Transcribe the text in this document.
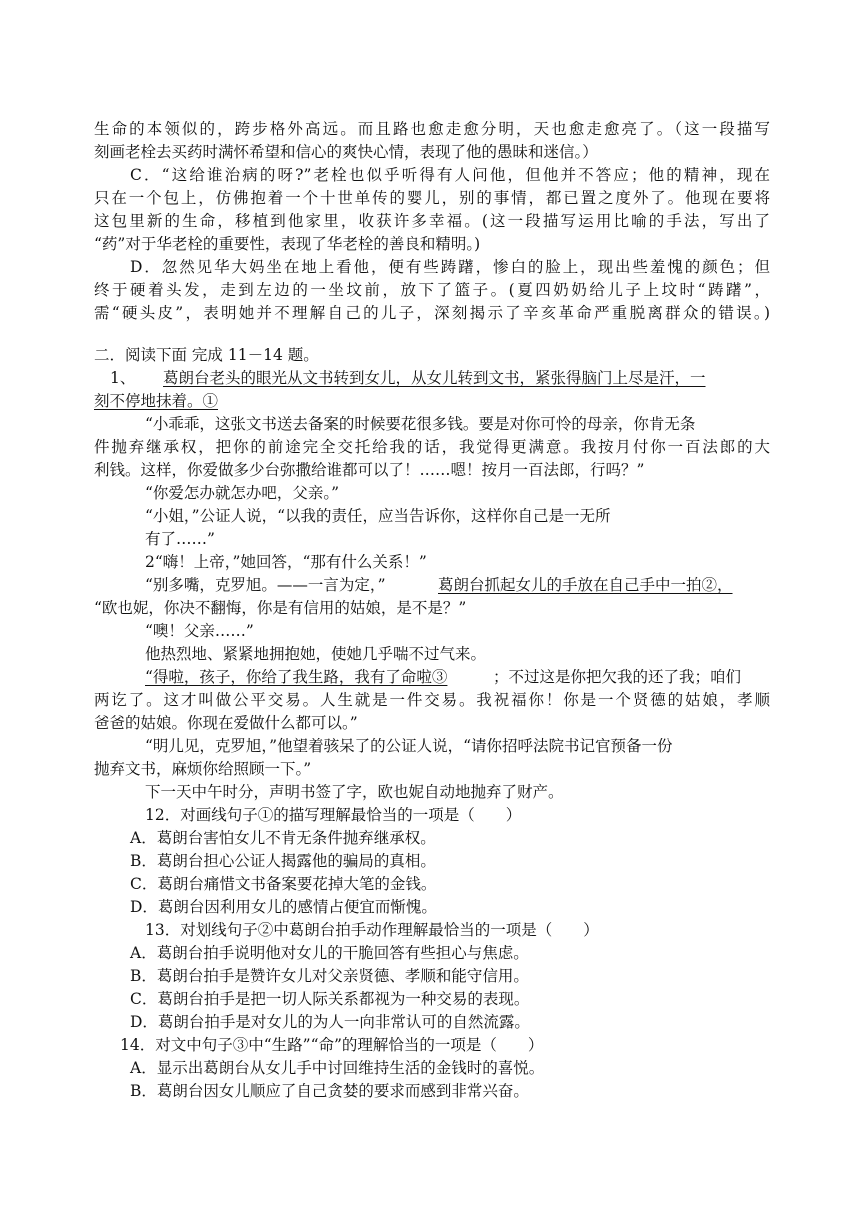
生命的本领似的，跨步格外高远。而且路也愈走愈分明，天也愈走愈亮了。（这一段描写
刻画老栓去买药时满怀希望和信心的爽快心情，表现了他的愚昧和迷信。）
C．“这给谁治病的呀?”老栓也似乎听得有人问他，但他并不答应；他的精神，现在
只在一个包上，仿佛抱着一个十世单传的婴儿，别的事情，都已置之度外了。他现在要将
这包里新的生命，移植到他家里，收获许多幸福。(这一段描写运用比喻的手法，写出了
“药”对于华老栓的重要性，表现了华老栓的善良和精明。)
D．忽然见华大妈坐在地上看他，便有些踌躇，惨白的脸上，现出些羞愧的颜色；但
终于硬着头发，走到左边的一坐坟前，放下了篮子。(夏四奶奶给儿子上坟时“踌躇”，
需“硬头皮”，表明她并不理解自己的儿子，深刻揭示了辛亥革命严重脱离群众的错误。)
二．阅读下面 完成 11－14 题。
1、 葛朗台老头的眼光从文书转到女儿，从女儿转到文书，紧张得脑门上尽是汗，一
刻不停地抹着。①
“小乖乖，这张文书送去备案的时候要花很多钱。要是对你可怜的母亲，你肯无条
件抛弃继承权，把你的前途完全交托给我的话，我觉得更满意。我按月付你一百法郎的大
利钱。这样，你爱做多少台弥撒给谁都可以了！……嗯！按月一百法郎，行吗？”
“你爱怎办就怎办吧，父亲。”
“小姐，”公证人说，“以我的责任，应当告诉你，这样你自己是一无所
有了……”
2“嗨！上帝，”她回答，“那有什么关系！”
“别多嘴，克罗旭。——一言为定，”	葛朗台抓起女儿的手放在自己手中一拍②，
“欧也妮，你决不翻悔，你是有信用的姑娘，是不是？”
“噢！父亲……”
他热烈地、紧紧地拥抱她，使她几乎喘不过气来。
“得啦，孩子，你给了我生路，我有了命啦③	；不过这是你把欠我的还了我；咱们
两讫了。这才叫做公平交易。人生就是一件交易。我祝福你！你是一个贤德的姑娘，孝顺
爸爸的姑娘。你现在爱做什么都可以。”
“明儿见，克罗旭，”他望着骇呆了的公证人说，“请你招呼法院书记官预备一份
抛弃文书，麻烦你给照顾一下。”
下一天中午时分，声明书签了字，欧也妮自动地抛弃了财产。
12．对画线句子①的描写理解最恰当的一项是（　　）
A．葛朗台害怕女儿不肯无条件抛弃继承权。
B．葛朗台担心公证人揭露他的骗局的真相。
C．葛朗台痛惜文书备案要花掉大笔的金钱。
D．葛朗台因利用女儿的感情占便宜而惭愧。
13．对划线句子②中葛朗台拍手动作理解最恰当的一项是（　　）
A．葛朗台拍手说明他对女儿的干脆回答有些担心与焦虑。
B．葛朗台拍手是赞许女儿对父亲贤德、孝顺和能守信用。
C．葛朗台拍手是把一切人际关系都视为一种交易的表现。
D．葛朗台拍手是对女儿的为人一向非常认可的自然流露。
14．对文中句子③中“生路”“命”的理解恰当的一项是（　　）
A．显示出葛朗台从女儿手中讨回维持生活的金钱时的喜悦。
B．葛朗台因女儿顺应了自己贪婪的要求而感到非常兴奋。
